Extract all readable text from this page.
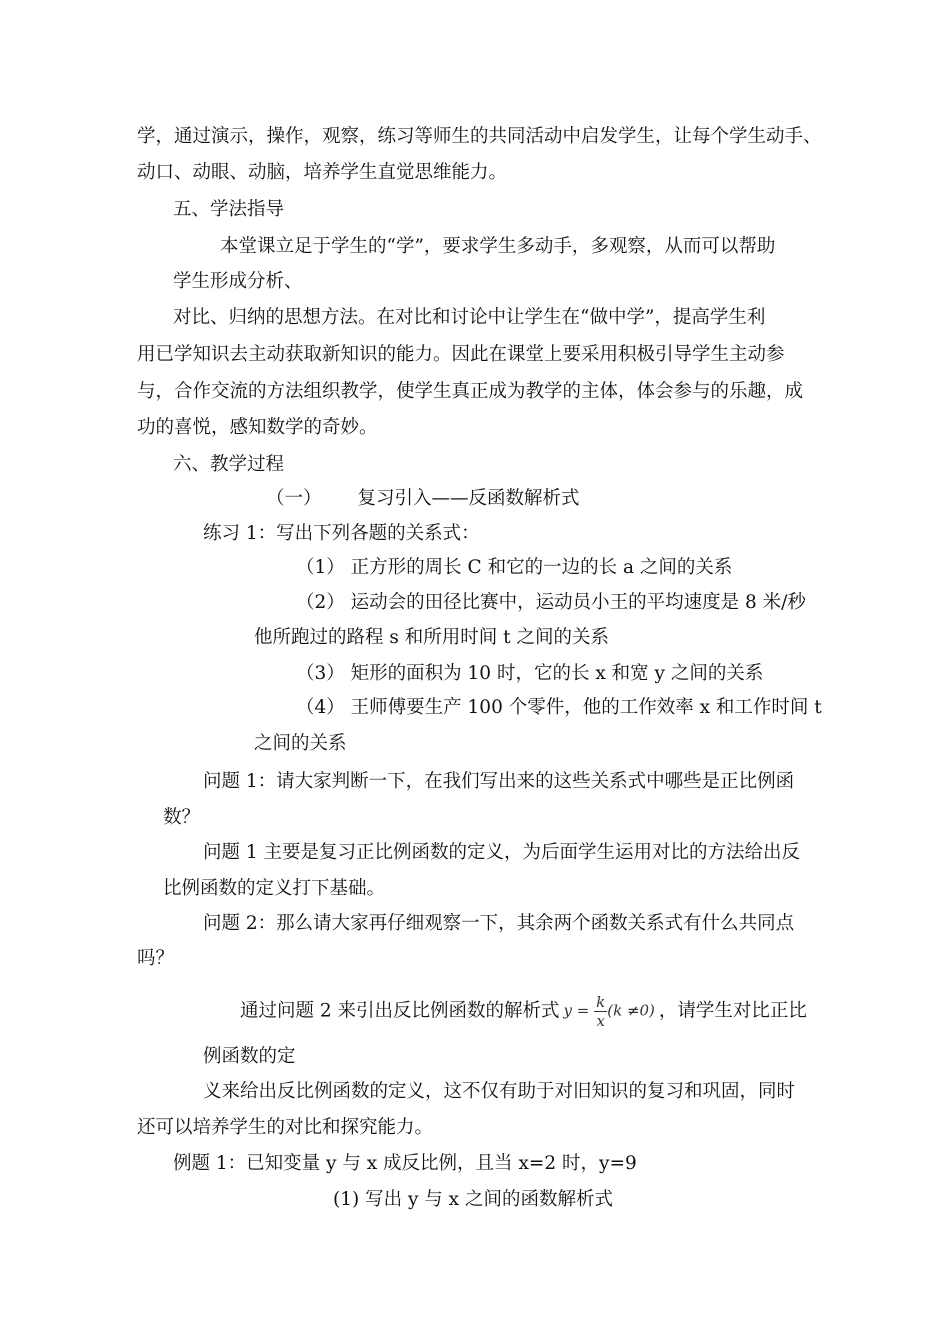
学，通过演示，操作，观察，练习等师生的共同活动中启发学生，让每个学生动手、

动口、动眼、动脑，培养学生直觉思维能力。

五、学法指导

本堂课立足于学生的“学”，要求学生多动手，多观察，从而可以帮助

学生形成分析、

对比、归纳的思想方法。在对比和讨论中让学生在“做中学”，提高学生利

用已学知识去主动获取新知识的能力。因此在课堂上要采用积极引导学生主动参

与，合作交流的方法组织教学，使学生真正成为教学的主体，体会参与的乐趣，成

功的喜悦，感知数学的奇妙。

六、教学过程

（一） 复习引入——反函数解析式

练习 1：写出下列各题的关系式：

（1） 正方形的周长 C 和它的一边的长 a 之间的关系

（2） 运动会的田径比赛中，运动员小王的平均速度是 8 米/秒

他所跑过的路程 s 和所用时间 t 之间的关系

（3） 矩形的面积为 10 时，它的长 x 和宽 y 之间的关系

（4） 王师傅要生产 100 个零件，他的工作效率 x 和工作时间 t

之间的关系

问题 1：请大家判断一下，在我们写出来的这些关系式中哪些是正比例函

数？

问题 1 主要是复习正比例函数的定义，为后面学生运用对比的方法给出反

比例函数的定义打下基础。

问题 2：那么请大家再仔细观察一下，其余两个函数关系式有什么共同点

吗？

通过问题 2 来引出反比例函数的解析式 $y = \frac{k}{x} (k \ne 0)$ ，请学生对比正比

例函数的定

义来给出反比例函数的定义，这不仅有助于对旧知识的复习和巩固，同时

还可以培养学生的对比和探究能力。

例题 1：已知变量 y 与 x 成反比例，且当 x=2 时，y=9

(1) 写出 y 与 x 之间的函数解析式
